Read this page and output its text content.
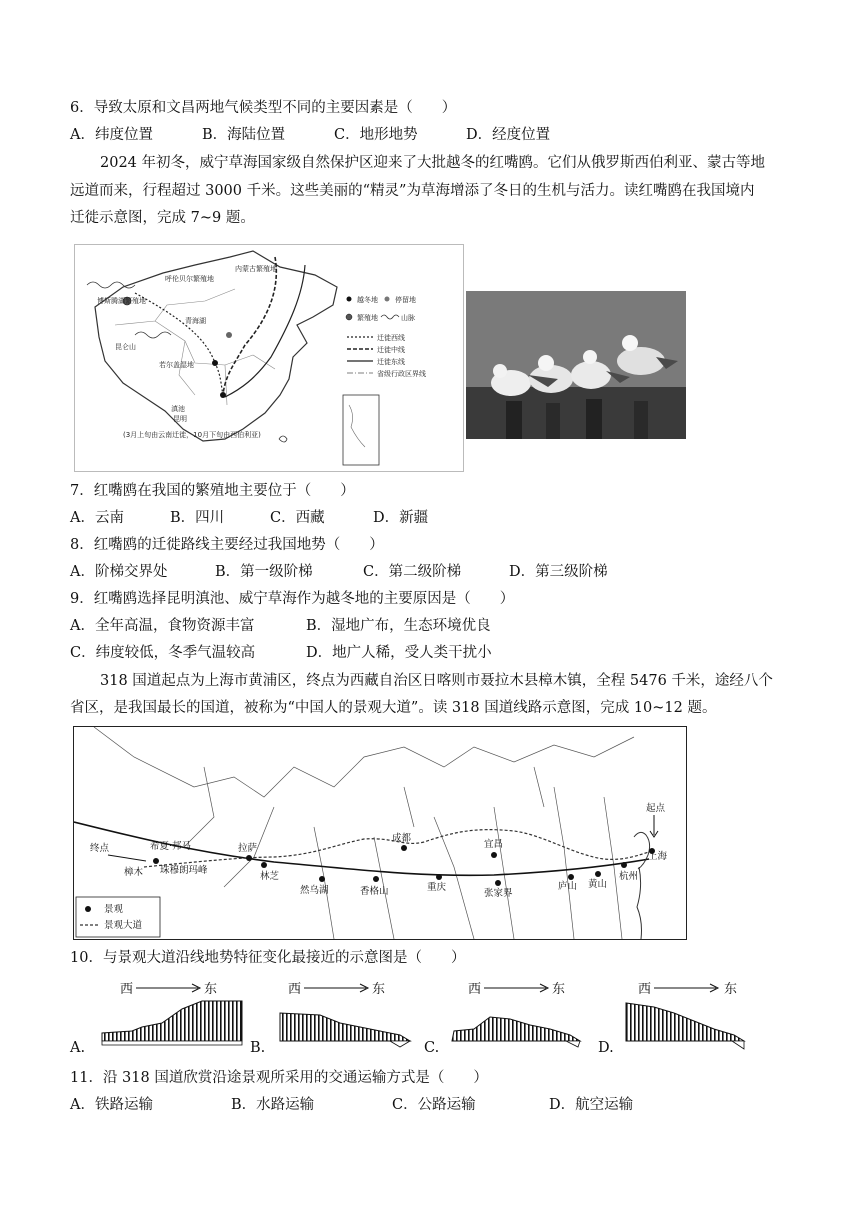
6．导致太原和文昌两地气候类型不同的主要因素是（　　）
A．纬度位置	B．海陆位置	C．地形地势	D．经度位置
2024 年初冬，威宁草海国家级自然保护区迎来了大批越冬的红嘴鸥。它们从俄罗斯西伯利亚、蒙古等地
远道而来，行程超过 3000 千米。这些美丽的“精灵”为草海增添了冬日的生机与活力。读红嘴鸥在我国境内
迁徙示意图，完成 7~9 题。
博斯腾湖繁殖地
呼伦贝尔繁殖地
内蒙古繁殖地
昆仑山
青海湖
若尔盖湿地
滇池
昆明
(3月上旬由云南迁徙，10月下旬由西伯利亚)
越冬地 停留地
繁殖地	山脉
迁徙西线
迁徙中线
迁徙东线
省级行政区界线
7．红嘴鸥在我国的繁殖地主要位于（　　）
A．云南	B．四川	C．西藏	D．新疆
8．红嘴鸥的迁徙路线主要经过我国地势（　　）
A．阶梯交界处	B．第一级阶梯	C．第二级阶梯	D．第三级阶梯
9．红嘴鸥选择昆明滇池、威宁草海作为越冬地的主要原因是（　　）
A．全年高温，食物资源丰富	B．湿地广布，生态环境优良
C．纬度较低，冬季气温较高	D．地广人稀，受人类干扰小
318 国道起点为上海市黄浦区，终点为西藏自治区日喀则市聂拉木县樟木镇，全程 5476 千米，途经八个
省区，是我国最长的国道，被称为“中国人的景观大道”。读 318 国道线路示意图，完成 10~12 题。
希夏·邦马	拉萨
珠穆朗玛峰
林芝
然乌湖	香格山
成都
重庆
张家界
宜昌
庐山 黄山
杭州
上海
樟木
起点
终点
景观
景观大道
10．与景观大道沿线地势特征变化最接近的示意图是（　　）
西	东	西	东	西	东	西	东
A.	B.	C.	D.
11．沿 318 国道欣赏沿途景观所采用的交通运输方式是（　　）
A．铁路运输	B．水路运输	C．公路运输	D．航空运输
